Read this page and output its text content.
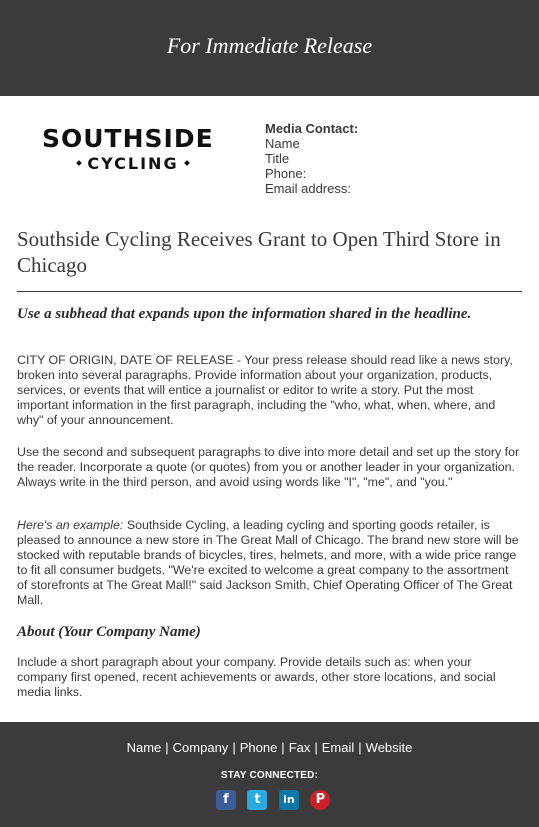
For Immediate Release
SOUTHSIDE
CYCLING
Media Contact:
Name
Title
Phone:
Email address:
Southside Cycling Receives Grant to Open Third Store in Chicago
Use a subhead that expands upon the information shared in the headline.

CITY OF ORIGIN, DATE OF RELEASE - Your press release should read like a news story, broken into several paragraphs. Provide information about your organization, products, services, or events that will entice a journalist or editor to write a story. Put the most important information in the first paragraph, including the "who, what, when, where, and why" of your announcement.

Use the second and subsequent paragraphs to dive into more detail and set up the story for the reader. Incorporate a quote (or quotes) from you or another leader in your organization. Always write in the third person, and avoid using words like "I", "me", and "you."

Here's an example: Southside Cycling, a leading cycling and sporting goods retailer, is pleased to announce a new store in The Great Mall of Chicago. The brand new store will be stocked with reputable brands of bicycles, tires, helmets, and more, with a wide price range to fit all consumer budgets. "We're excited to welcome a great company to the assortment of storefronts at The Great Mall!" said Jackson Smith, Chief Operating Officer of The Great Mall.

About (Your Company Name)

Include a short paragraph about your company. Provide details such as: when your company first opened, recent achievements or awards, other store locations, and social media links.

Name | Company | Phone | Fax | Email | Website
STAY CONNECTED:
f t in P
